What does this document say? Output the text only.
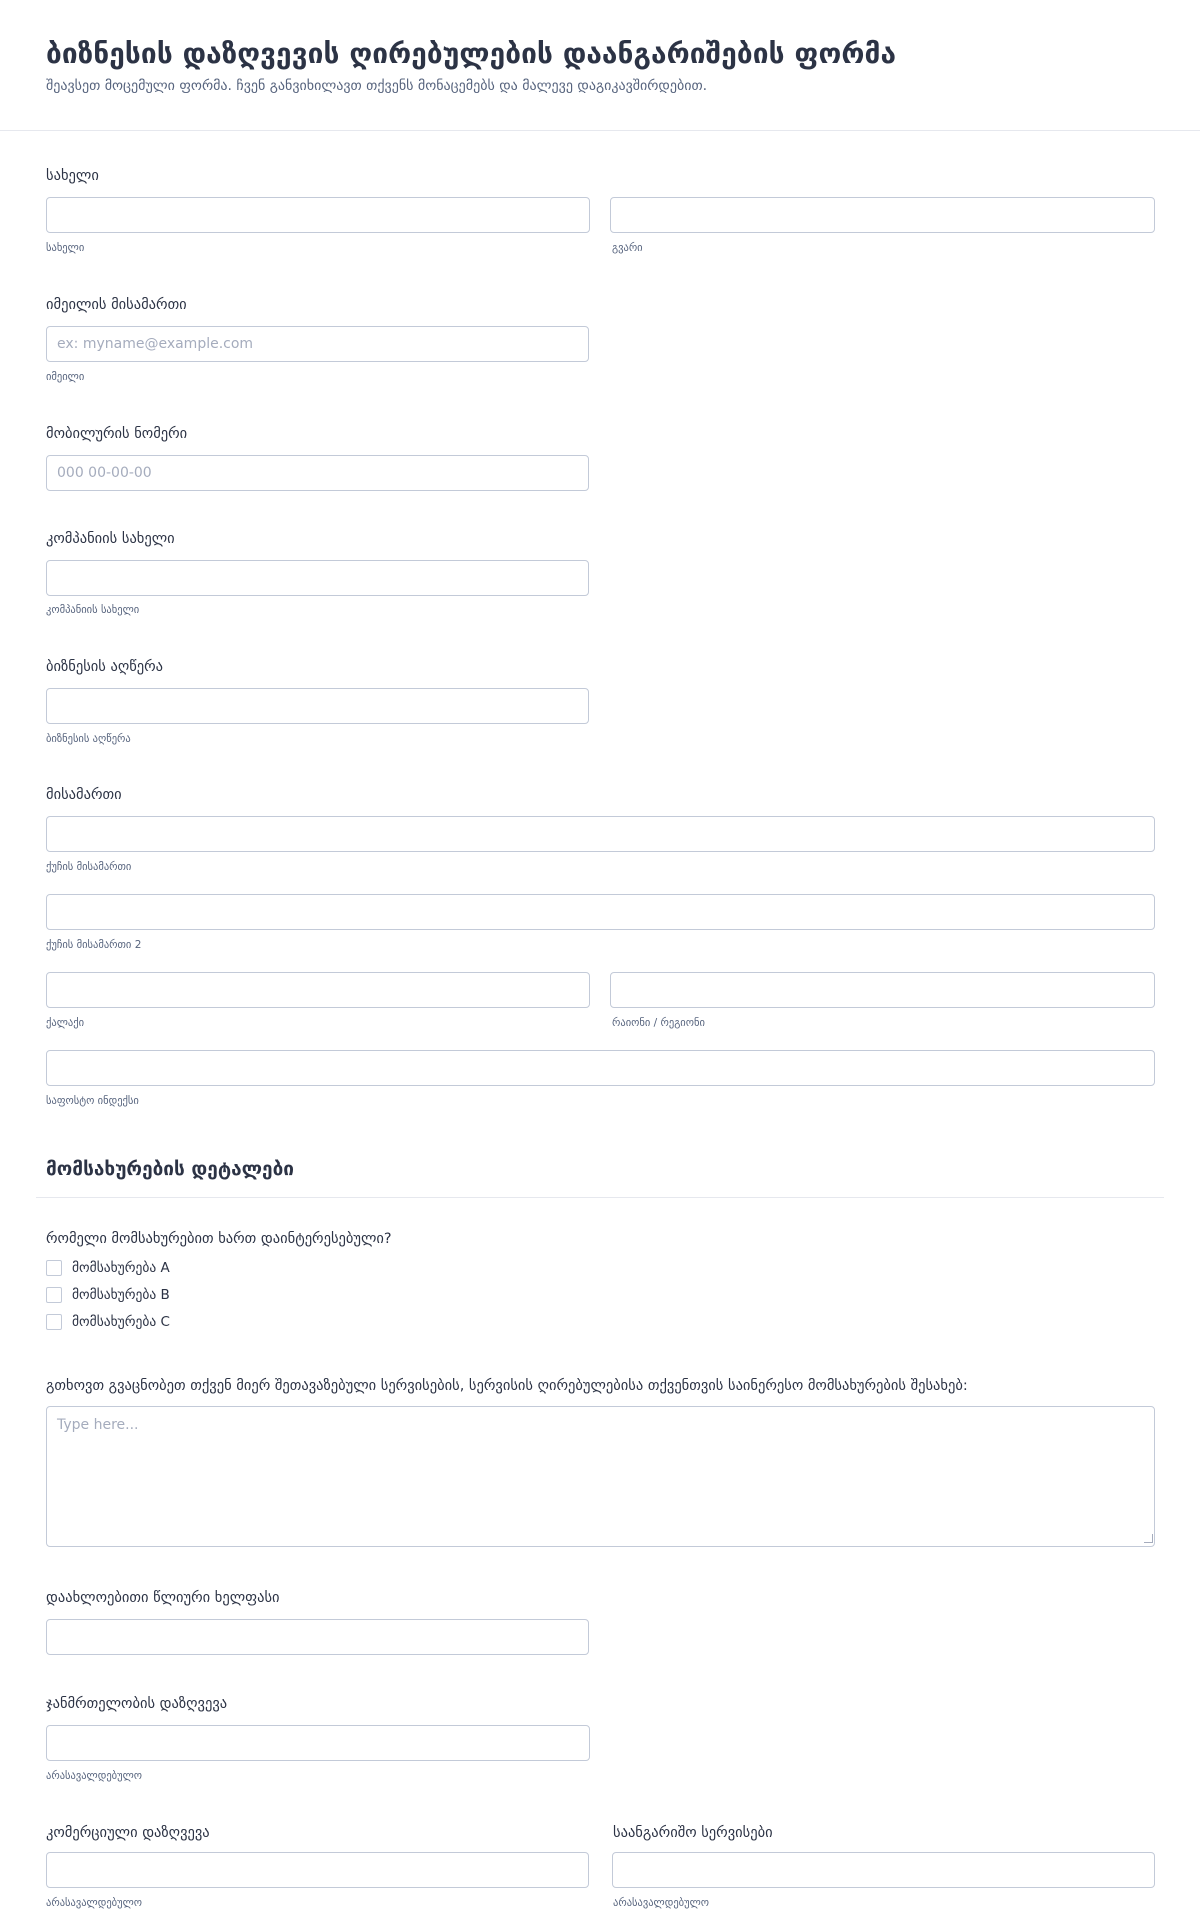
ბიზნესის დაზღვევის ღირებულების დაანგარიშების ფორმა
შეავსეთ მოცემული ფორმა. ჩვენ განვიხილავთ თქვენს მონაცემებს და მალევე დაგიკავშირდებით.
სახელი
სახელი	გვარი
იმეილის მისამართი
ex: myname@example.com
იმეილი
მობილურის ნომერი
000 00-00-00
კომპანიის სახელი
კომპანიის სახელი
ბიზნესის აღწერა
ბიზნესის აღწერა
მისამართი
ქუჩის მისამართი
ქუჩის მისამართი 2
ქალაქი	რაიონი / რეგიონი
საფოსტო ინდექსი
მომსახურების დეტალები
რომელი მომსახურებით ხართ დაინტერესებული?
მომსახურება A
მომსახურება B
მომსახურება C
გთხოვთ გვაცნობეთ თქვენ მიერ შეთავაზებული სერვისების, სერვისის ღირებულებისა თქვენთვის საინერესო მომსახურების შესახებ:
Type here...
დაახლოებითი წლიური ხელფასი
ჯანმრთელობის დაზღვევა
არასავალდებულო
კომერციული დაზღვევა	საანგარიშო სერვისები
არასავალდებულო	არასავალდებულო
